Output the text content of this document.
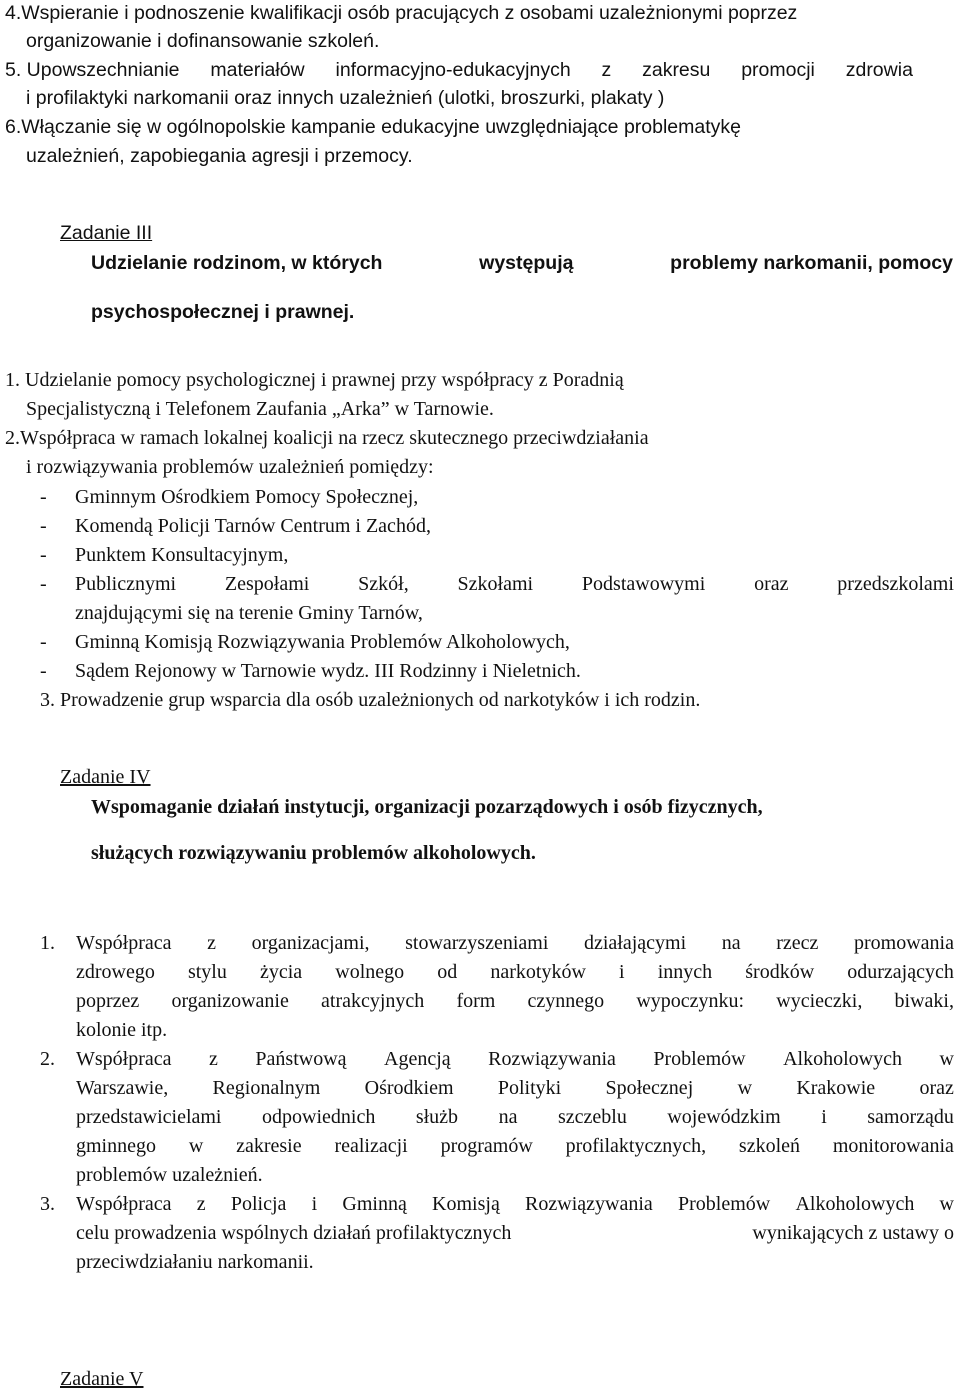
4.Wspieranie i podnoszenie kwalifikacji osób pracujących z osobami uzależnionymi poprzez
organizowanie i dofinansowanie szkoleń.
5. Upowszechnianie materiałów informacyjno-edukacyjnych z zakresu promocji zdrowia
i profilaktyki narkomanii oraz innych uzależnień (ulotki, broszurki, plakaty )
6.Włączanie się w ogólnopolskie kampanie edukacyjne uwzględniające problematykę
uzależnień, zapobiegania agresji i przemocy.
Zadanie III
Udzielanie rodzinom, w których	występują	problemy narkomanii, pomocy
psychospołecznej i prawnej.
1. Udzielanie pomocy psychologicznej i prawnej przy współpracy z Poradnią
Specjalistyczną i Telefonem Zaufania „Arka” w Tarnowie.
2.Współpraca w ramach lokalnej koalicji na rzecz skutecznego przeciwdziałania
i rozwiązywania problemów uzależnień pomiędzy:
- Gminnym Ośrodkiem Pomocy Społecznej,
- Komendą Policji Tarnów Centrum i Zachód,
- Punktem Konsultacyjnym,
- Publicznymi Zespołami Szkół, Szkołami Podstawowymi oraz przedszkolami
znajdującymi się na terenie Gminy Tarnów,
- Gminną Komisją Rozwiązywania Problemów Alkoholowych,
- Sądem Rejonowy w Tarnowie wydz. III Rodzinny i Nieletnich.
3. Prowadzenie grup wsparcia dla osób uzależnionych od narkotyków i ich rodzin.
Zadanie IV
Wspomaganie działań instytucji, organizacji pozarządowych i osób fizycznych,
służących rozwiązywaniu problemów alkoholowych.
1. Współpraca z organizacjami, stowarzyszeniami działającymi na rzecz promowania
zdrowego stylu życia wolnego od narkotyków i innych środków odurzających
poprzez organizowanie atrakcyjnych form czynnego wypoczynku: wycieczki, biwaki,
kolonie itp.
2. Współpraca z Państwową Agencją Rozwiązywania Problemów Alkoholowych w
Warszawie, Regionalnym Ośrodkiem Polityki Społecznej w Krakowie oraz
przedstawicielami odpowiednich służb na szczeblu wojewódzkim i samorządu
gminnego w zakresie realizacji programów profilaktycznych, szkoleń monitorowania
problemów uzależnień.
3. Współpraca z Policja i Gminną Komisją Rozwiązywania Problemów Alkoholowych w
celu prowadzenia wspólnych działań profilaktycznych	wynikających z ustawy o
przeciwdziałaniu narkomanii.
Zadanie V
